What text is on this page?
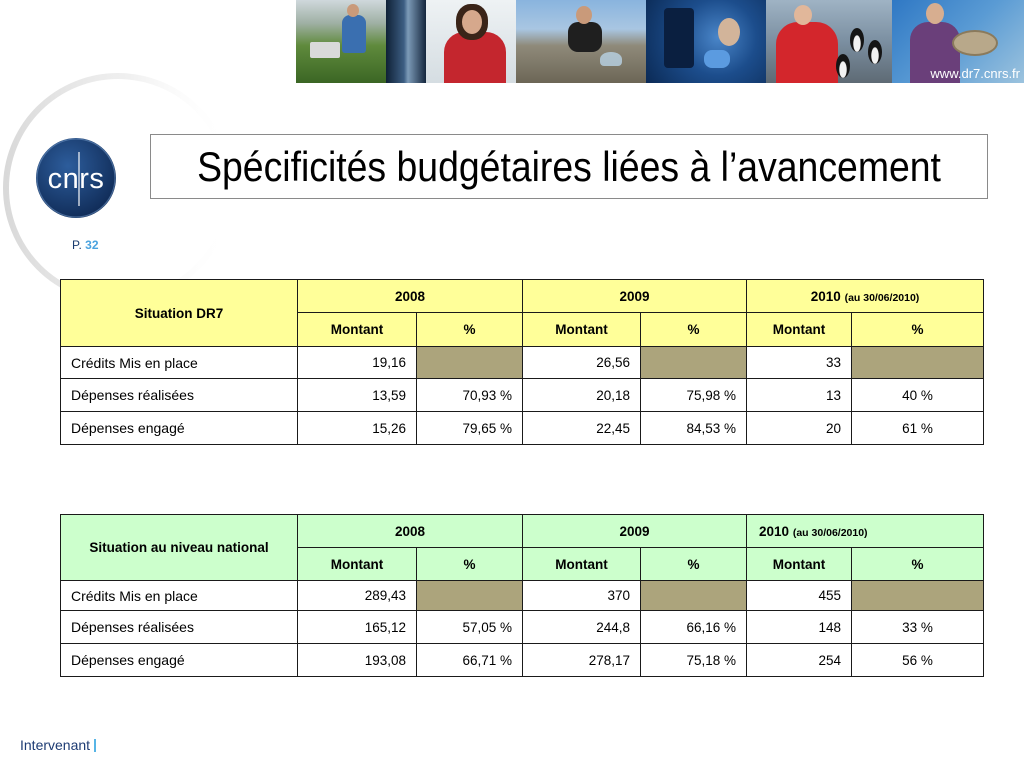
www.dr7.cnrs.fr
cnrs
P. 32
Spécificités budgétaires liées à l’avancement
Situation DR7	2008		2009		2010 (au 30/06/2010)	
	Montant	%	Montant	%	Montant	%
Crédits Mis en place	19,16		26,56		33	
Dépenses réalisées	13,59	70,93 %	20,18	75,98 %	13	40 %
Dépenses engagé	15,26	79,65 %	22,45	84,53 %	20	61 %
Situation au niveau national	2008		2009		2010 (au 30/06/2010)	
	Montant	%	Montant	%	Montant	%
Crédits Mis en place	289,43		370		455	
Dépenses réalisées	165,12	57,05 %	244,8	66,16 %	148	33 %
Dépenses engagé	193,08	66,71 %	278,17	75,18 %	254	56 %
Intervenant
